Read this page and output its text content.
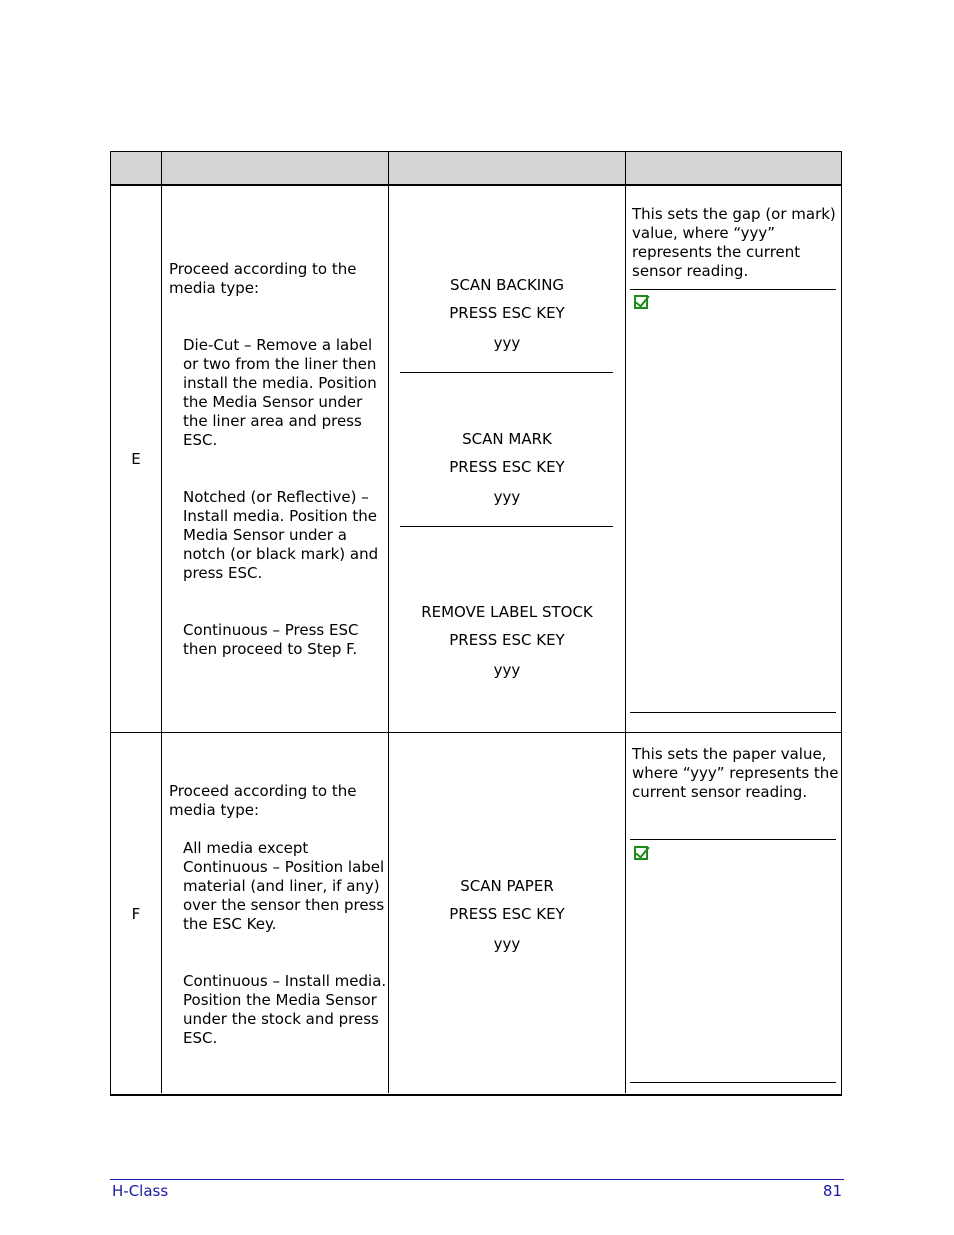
E
Proceed according to the media type:
Die-Cut – Remove a label or two from the liner then install the media. Position the Media Sensor under the liner area and press ESC.
Notched (or Reflective) – Install media. Position the Media Sensor under a notch (or black mark) and press ESC.
Continuous – Press ESC then proceed to Step F.
SCAN BACKING
PRESS ESC KEY
yyy
SCAN MARK
PRESS ESC KEY
yyy
REMOVE LABEL STOCK
PRESS ESC KEY
yyy
This sets the gap (or mark) value, where “yyy” represents the current sensor reading.
F
Proceed according to the media type:
All media except Continuous – Position label material (and liner, if any) over the sensor then press the ESC Key.
Continuous – Install media. Position the Media Sensor under the stock and press ESC.
SCAN PAPER
PRESS ESC KEY
yyy
This sets the paper value, where “yyy” represents the current sensor reading.
H-Class	81
